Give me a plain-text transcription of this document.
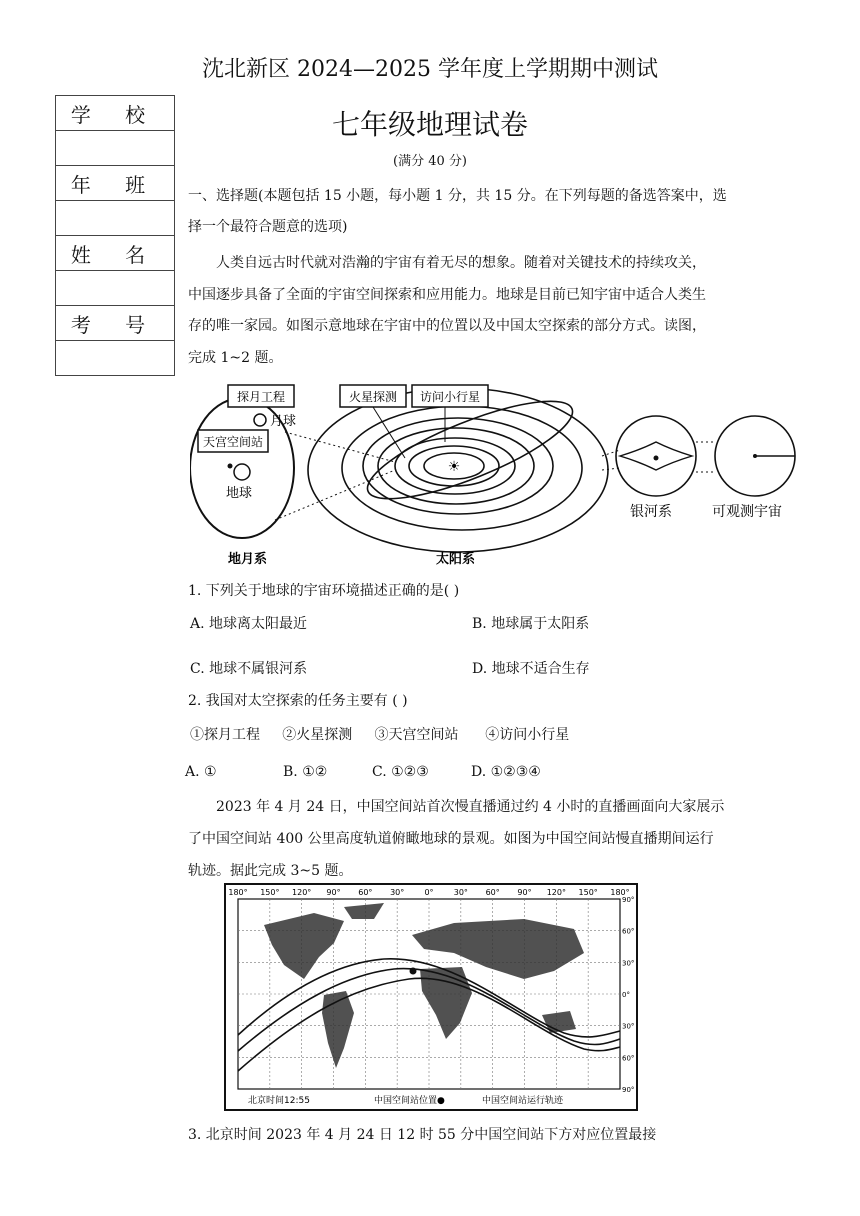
沈北新区 2024—2025 学年度上学期期中测试
七年级地理试卷
(满分 40 分)
学 校

年 班

姓 名

考 号

一、选择题(本题包括 15 小题，每小题 1 分，共 15 分。在下列每题的备选答案中，选
择一个最符合题意的选项)
人类自远古时代就对浩瀚的宇宙有着无尽的想象。随着对关键技术的持续攻关，
中国逐步具备了全面的宇宙空间探索和应用能力。地球是目前已知宇宙中适合人类生
存的唯一家园。如图示意地球在宇宙中的位置以及中国太空探索的部分方式。读图，
完成 1~2 题。
探月工程
月球
天宫空间站
地球
地月系
☀
火星探测 访问小行星
太阳系
银河系	可观测宇宙
1. 下列关于地球的宇宙环境描述正确的是( )
A. 地球离太阳最近	B. 地球属于太阳系
C. 地球不属银河系	D. 地球不适合生存
2. 我国对太空探索的任务主要有 ( )
①探月工程     ②火星探测     ③天宫空间站      ④访问小行星
A. ①	B. ①②	C. ①②③	D. ①②③④
2023 年 4 月 24 日，中国空间站首次慢直播通过约 4 小时的直播画面向大家展示
了中国空间站 400 公里高度轨道俯瞰地球的景观。如图为中国空间站慢直播期间运行
轨迹。据此完成 3~5 题。
180° 150° 120° 90° 60° 30°	0°	30° 60° 90° 120° 150° 180°
90°
60°
30°
0°
30°
60°
90°
北京时间12:55	中国空间站位置●	中国空间站运行轨迹
3. 北京时间 2023 年 4 月 24 日 12 时 55 分中国空间站下方对应位置最接
